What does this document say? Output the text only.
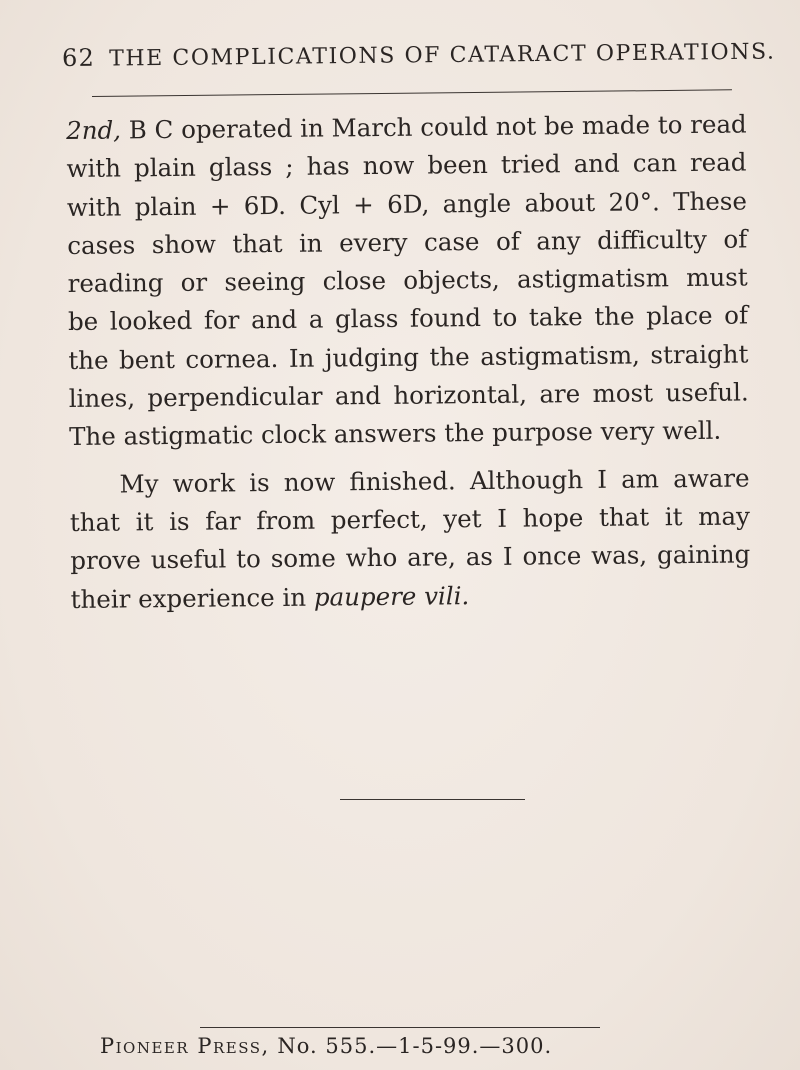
62 THE COMPLICATIONS OF CATARACT OPERATIONS.
2nd, B C operated in March could not be made to read
with plain glass ; has now been tried and can read
with plain + 6D. Cyl + 6D, angle about 20°. These
cases show that in every case of any difficulty of
reading or seeing close objects, astigmatism must
be looked for and a glass found to take the place of
the bent cornea. In judging the astigmatism, straight
lines, perpendicular and horizontal, are most useful.
The astigmatic clock answers the purpose very well.
My work is now finished. Although I am aware
that it is far from perfect, yet I hope that it may
prove useful to some who are, as I once was, gaining
their experience in paupere vili.
Pioneer Press, No. 555.—1-5-99.—300.
